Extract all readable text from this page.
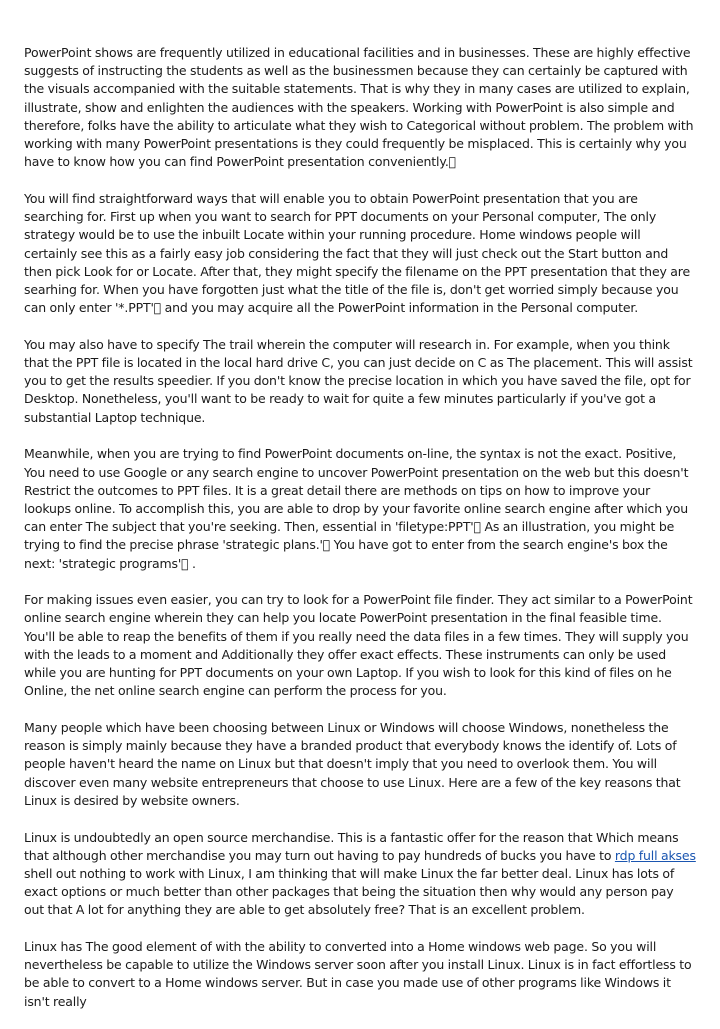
PowerPoint shows are frequently utilized in educational facilities and in businesses. These are highly effective suggests of instructing the students as well as the businessmen because they can certainly be captured with the visuals accompanied with the suitable statements. That is why they in many cases are utilized to explain, illustrate, show and enlighten the audiences with the speakers. Working with PowerPoint is also simple and therefore, folks have the ability to articulate what they wish to Categorical without problem. The problem with working with many PowerPoint presentations is they could frequently be misplaced. This is certainly why you have to know how you can find PowerPoint presentation conveniently. 

You will find straightforward ways that will enable you to obtain PowerPoint presentation that you are searching for. First up when you want to search for PPT documents on your Personal computer, The only strategy would be to use the inbuilt Locate within your running procedure. Home windows people will certainly see this as a fairly easy job considering the fact that they will just check out the Start button and then pick Look for or Locate. After that, they might specify the filename on the PPT presentation that they are searhing for. When you have forgotten just what the title of the file is, don't get worried simply because you can only enter '*.PPT'  and you may acquire all the PowerPoint information in the Personal computer.

You may also have to specify The trail wherein the computer will research in. For example, when you think that the PPT file is located in the local hard drive C, you can just decide on C as The placement. This will assist you to get the results speedier. If you don't know the precise location in which you have saved the file, opt for Desktop. Nonetheless, you'll want to be ready to wait for quite a few minutes particularly if you've got a substantial Laptop technique.

Meanwhile, when you are trying to find PowerPoint documents on-line, the syntax is not the exact. Positive, You need to use Google or any search engine to uncover PowerPoint presentation on the web but this doesn't Restrict the outcomes to PPT files. It is a great detail there are methods on tips on how to improve your lookups online. To accomplish this, you are able to drop by your favorite online search engine after which you can enter The subject that you're seeking. Then, essential in 'filetype:PPT'  As an illustration, you might be trying to find the precise phrase 'strategic plans.'  You have got to enter from the search engine's box the next: 'strategic programs'  .

For making issues even easier, you can try to look for a PowerPoint file finder. They act similar to a PowerPoint online search engine wherein they can help you locate PowerPoint presentation in the final feasible time. You'll be able to reap the benefits of them if you really need the data files in a few times. They will supply you with the leads to a moment and Additionally they offer exact effects. These instruments can only be used while you are hunting for PPT documents on your own Laptop. If you wish to look for this kind of files on he Online, the net online search engine can perform the process for you.

Many people which have been choosing between Linux or Windows will choose Windows, nonetheless the reason is simply mainly because they have a branded product that everybody knows the identify of. Lots of people haven't heard the name on Linux but that doesn't imply that you need to overlook them. You will discover even many website entrepreneurs that choose to use Linux. Here are a few of the key reasons that Linux is desired by website owners.

Linux is undoubtedly an open source merchandise. This is a fantastic offer for the reason that Which means that although other merchandise you may turn out having to pay hundreds of bucks you have to rdp full akses shell out nothing to work with Linux, I am thinking that will make Linux the far better deal. Linux has lots of exact options or much better than other packages that being the situation then why would any person pay out that A lot for anything they are able to get absolutely free? That is an excellent problem.

Linux has The good element of with the ability to converted into a Home windows web page. So you will nevertheless be capable to utilize the Windows server soon after you install Linux. Linux is in fact effortless to be able to convert to a Home windows server. But in case you made use of other programs like Windows it isn't really
